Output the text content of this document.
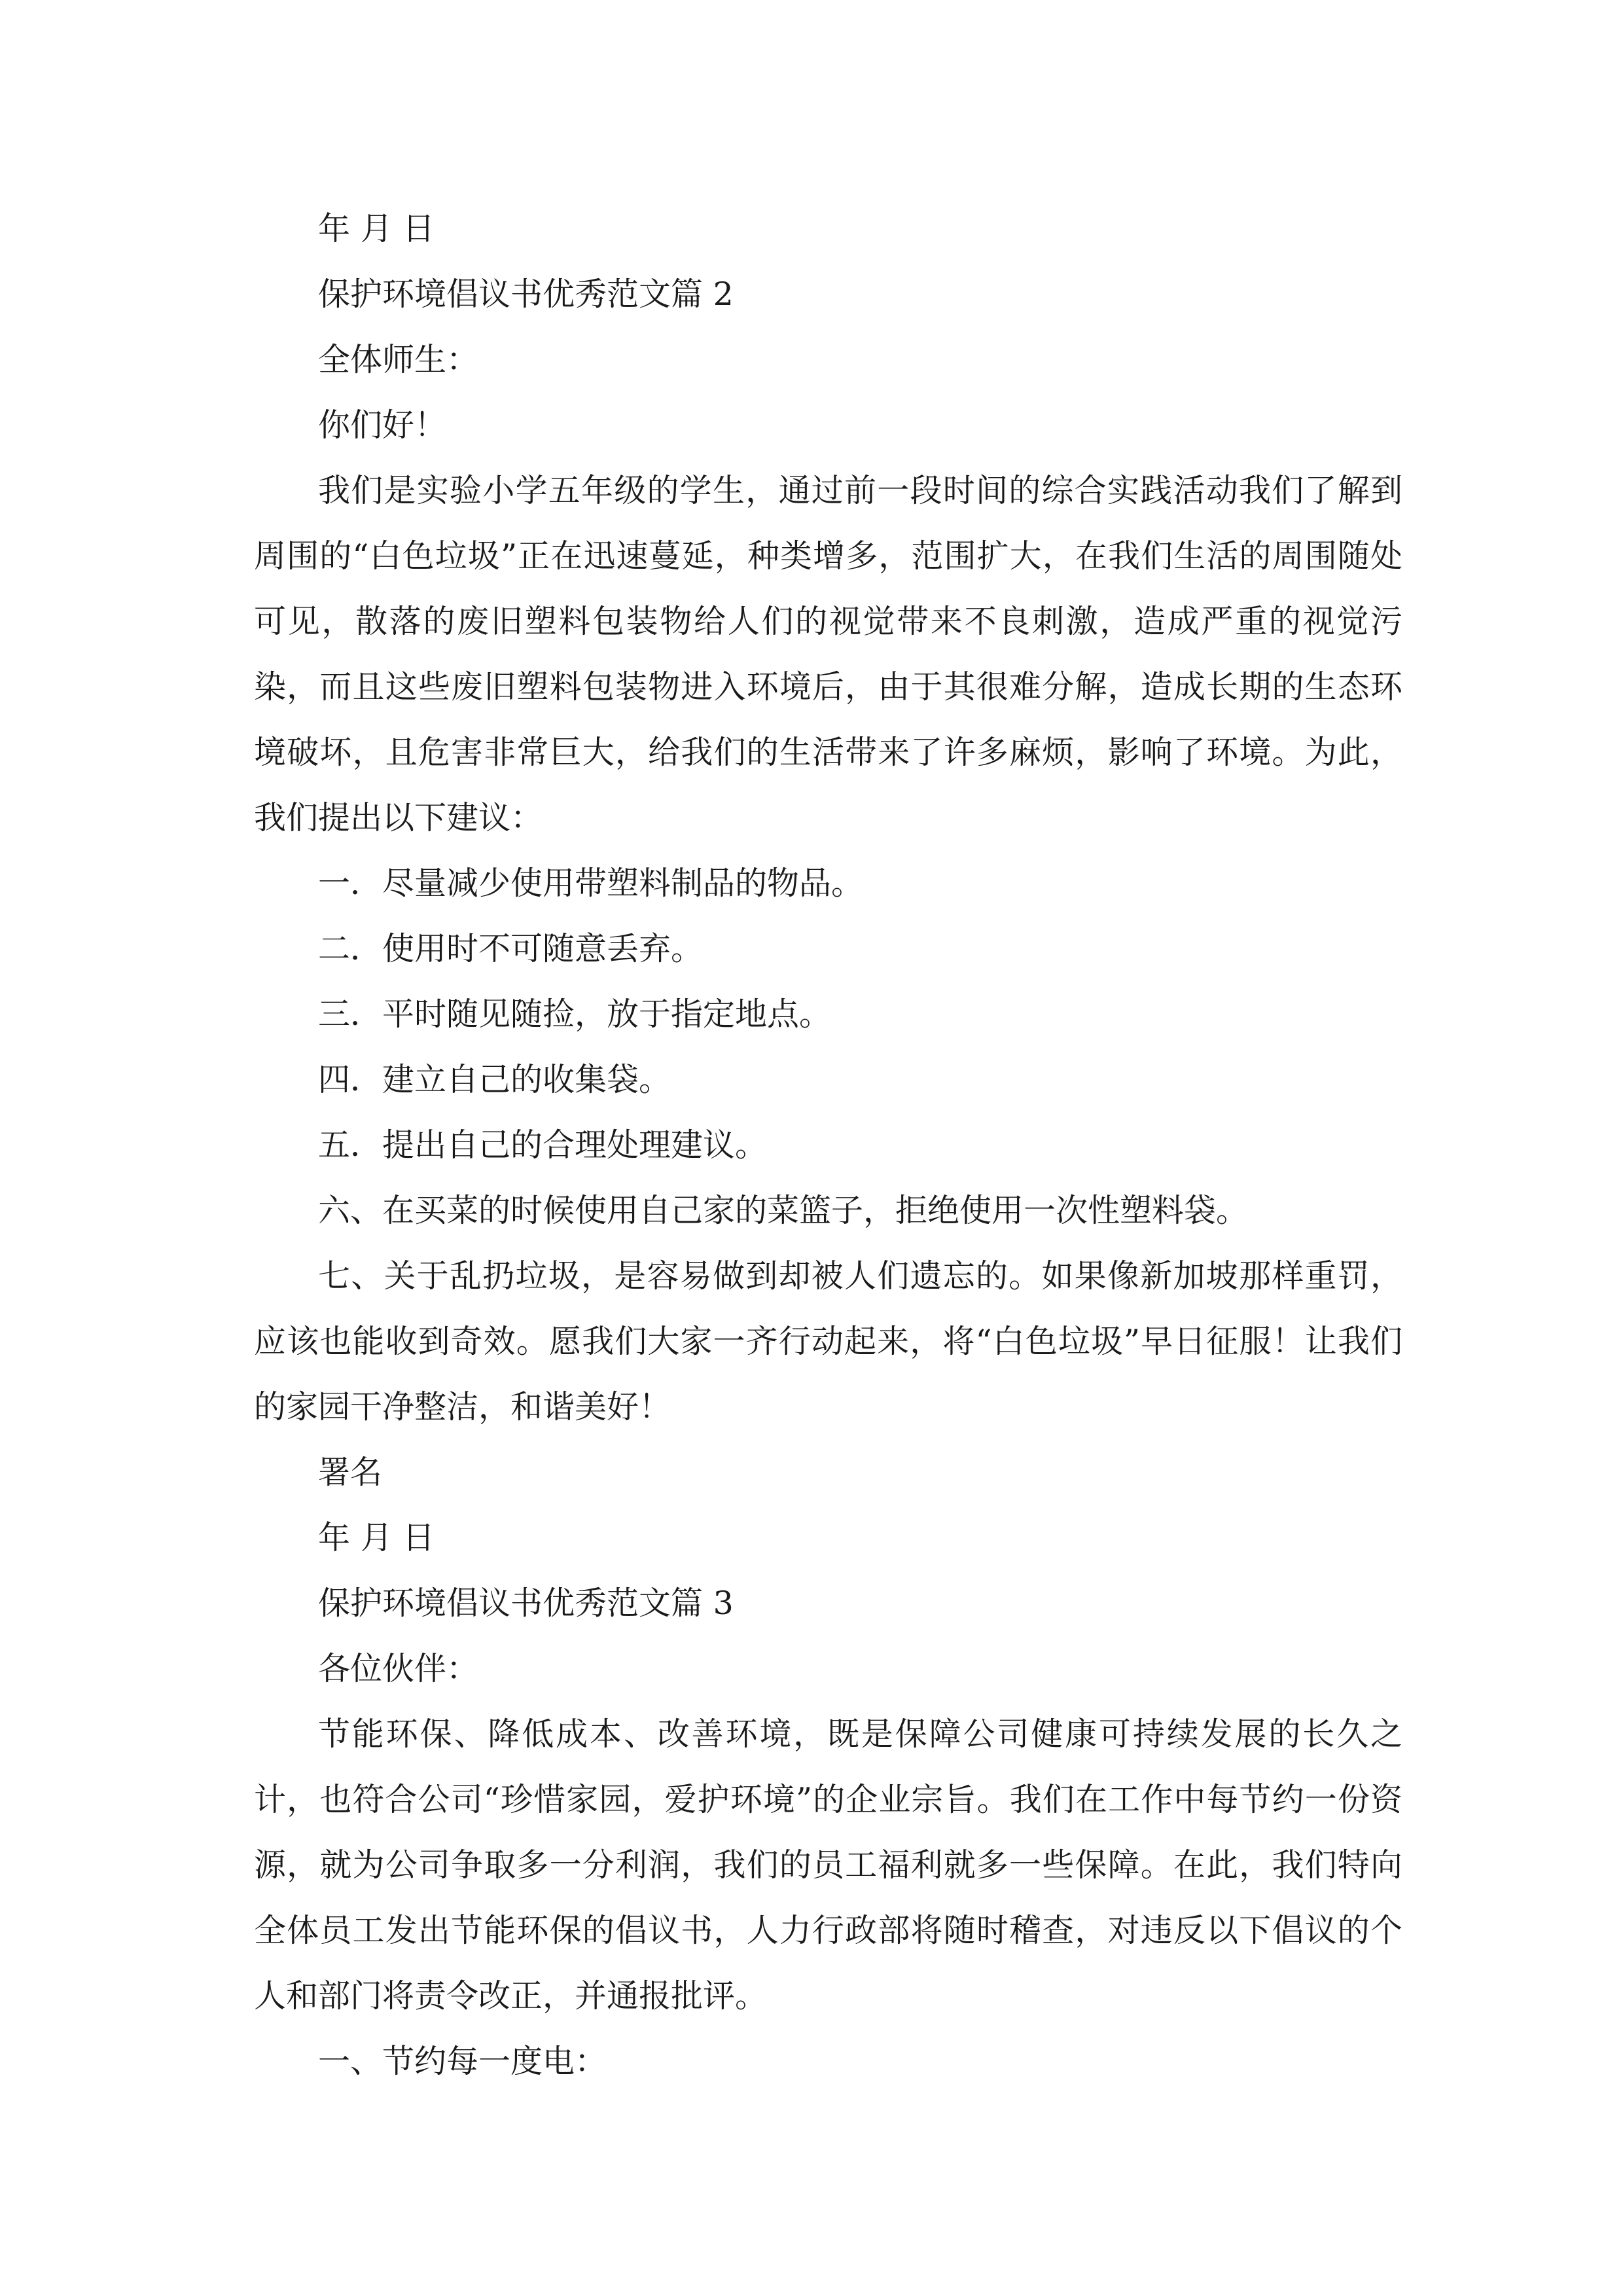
年 月 日

保护环境倡议书优秀范文篇 2

全体师生：

你们好！

我们是实验小学五年级的学生，通过前一段时间的综合实践活动我们了解到周围的“白色垃圾”正在迅速蔓延，种类增多，范围扩大，在我们生活的周围随处可见，散落的废旧塑料包装物给人们的视觉带来不良刺激，造成严重的视觉污染，而且这些废旧塑料包装物进入环境后，由于其很难分解，造成长期的生态环境破坏，且危害非常巨大，给我们的生活带来了许多麻烦，影响了环境。为此，我们提出以下建议：

一．尽量减少使用带塑料制品的物品。

二．使用时不可随意丢弃。

三．平时随见随捡，放于指定地点。

四．建立自己的收集袋。

五．提出自己的合理处理建议。

六、在买菜的时候使用自己家的菜篮子，拒绝使用一次性塑料袋。

七、关于乱扔垃圾，是容易做到却被人们遗忘的。如果像新加坡那样重罚，应该也能收到奇效。愿我们大家一齐行动起来，将“白色垃圾”早日征服！让我们的家园干净整洁，和谐美好！

署名

年 月 日

保护环境倡议书优秀范文篇 3

各位伙伴：

节能环保、降低成本、改善环境，既是保障公司健康可持续发展的长久之计，也符合公司“珍惜家园，爱护环境”的企业宗旨。我们在工作中每节约一份资源，就为公司争取多一分利润，我们的员工福利就多一些保障。在此，我们特向全体员工发出节能环保的倡议书，人力行政部将随时稽查，对违反以下倡议的个人和部门将责令改正，并通报批评。

一、节约每一度电：
